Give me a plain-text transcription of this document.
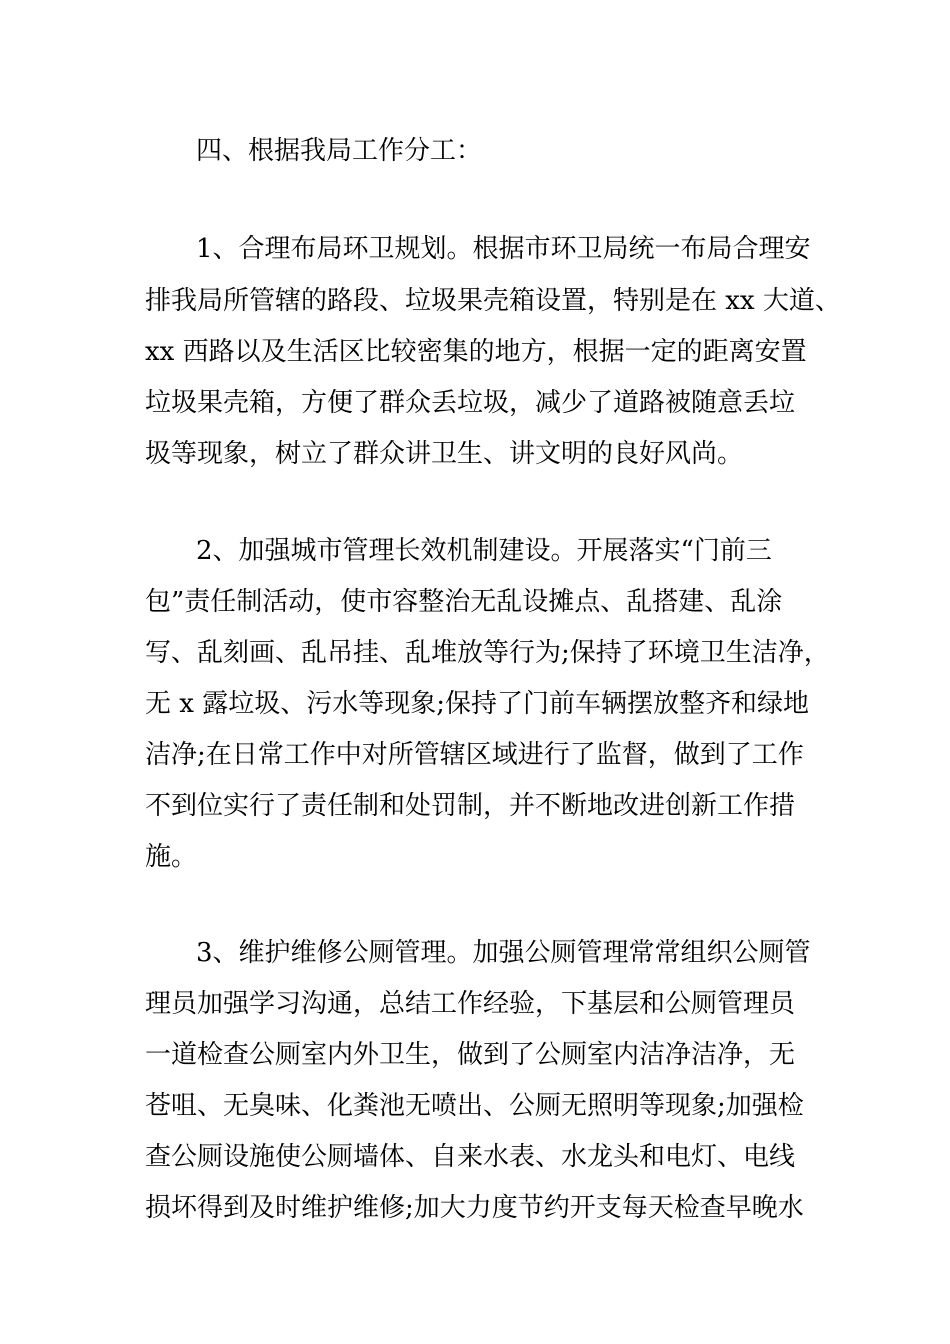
四、根据我局工作分工：
1、合理布局环卫规划。根据市环卫局统一布局合理安
排我局所管辖的路段、垃圾果壳箱设置，特别是在 xx 大道、
xx 西路以及生活区比较密集的地方，根据一定的距离安置
垃圾果壳箱，方便了群众丢垃圾，减少了道路被随意丢垃
圾等现象，树立了群众讲卫生、讲文明的良好风尚。
2、加强城市管理长效机制建设。开展落实“门前三
包”责任制活动，使市容整治无乱设摊点、乱搭建、乱涂
写、乱刻画、乱吊挂、乱堆放等行为;保持了环境卫生洁净，
无 x 露垃圾、污水等现象;保持了门前车辆摆放整齐和绿地
洁净;在日常工作中对所管辖区域进行了监督，做到了工作
不到位实行了责任制和处罚制，并不断地改进创新工作措
施。
3、维护维修公厕管理。加强公厕管理常常组织公厕管
理员加强学习沟通，总结工作经验，下基层和公厕管理员
一道检查公厕室内外卫生，做到了公厕室内洁净洁净，无
苍咀、无臭味、化粪池无喷出、公厕无照明等现象;加强检
查公厕设施使公厕墙体、自来水表、水龙头和电灯、电线
损坏得到及时维护维修;加大力度节约开支每天检查早晚水
